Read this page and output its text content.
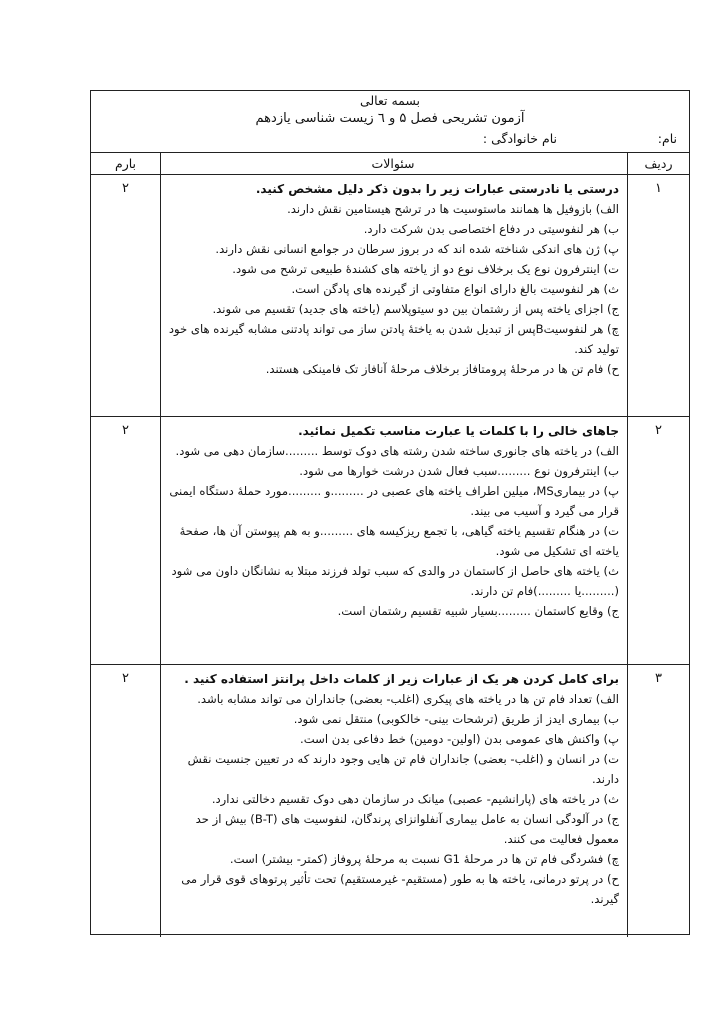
بسمه تعالی
آزمون تشریحی فصل ۵ و ٦ زیست شناسی یازدهم
نام:
نام خانوادگی :
ردیف
سئوالات
بارم
۱
درستی یا نادرستی عبارات زیر را بدون ذکر دلیل مشخص کنید.
الف) بازوفیل ها همانند ماستوسیت ها در ترشح هیستامین نقش دارند.
ب) هر لنفوسیتی در دفاع اختصاصی بدن شرکت دارد.
پ) ژن های اندکی شناخته شده اند که در بروز سرطان در جوامع انسانی نقش دارند.
ت) اینترفرون نوع یک برخلاف نوع دو از یاخته های کشندهٔ طبیعی ترشح می شود.
ث) هر لنفوسیت بالغ دارای انواع متفاوتی از گیرنده های پادگن است.
ج) اجزای یاخته پس از رشتمان بین دو سیتوپلاسم (یاخته های جدید) تقسیم می شوند.
چ) هر لنفوسیتBپس از تبدیل شدن به یاختهٔ پادتن ساز می تواند پادتنی مشابه گیرنده های خود تولید کند.
ح) فام تن ها در مرحلهٔ پرومتافاز برخلاف مرحلهٔ آنافاز تک فامینکی هستند.
۲
۲
جاهای خالی را با کلمات یا عبارت مناسب تکمیل نمائید.
الف) در یاخته های جانوری ساخته شدن رشته های دوک توسط .........سازمان دهی می شود.
ب) اینترفرون نوع .........سبب فعال شدن درشت خوارها می شود.
پ) در بیماریMS، میلین اطراف یاخته های عصبی در .........و .........مورد حملهٔ دستگاه ایمنی قرار می گیرد و آسیب می بیند.
ت) در هنگام تقسیم یاخته گیاهی، با تجمع ریزکیسه های .........و به هم پیوستن آن ها، صفحهٔ یاخته ای تشکیل می شود.
ث) یاخته های حاصل از کاستمان در والدی که سبب تولد فرزند مبتلا به نشانگان داون می شود (.........یا .........)فام تن دارند.
ج) وقایع کاستمان .........بسیار شبیه تقسیم رشتمان است.
۲
۳
برای کامل کردن هر یک از عبارات زیر از کلمات داخل پرانتز استفاده کنید .
الف) تعداد فام تن ها در یاخته های پیکری (اغلب- بعضی) جانداران می تواند مشابه باشد.
ب) بیماری ایدز از طریق (ترشحات بینی- خالکوبی) منتقل نمی شود.
پ) واکنش های عمومی بدن (اولین- دومین) خط دفاعی بدن است.
ت) در انسان و (اغلب- بعضی) جانداران فام تن هایی وجود دارند که در تعیین جنسیت نقش دارند.
ث) در یاخته های (پارانشیم- عصبی) میانک در سازمان دهی دوک تقسیم دخالتی ندارد.
ج) در آلودگی انسان به عامل بیماری آنفلوانزای پرندگان، لنفوسیت های (B-T) بیش از حد معمول فعالیت می کنند.
چ) فشردگی فام تن ها در مرحلهٔ G1 نسبت به مرحلهٔ پروفاز (کمتر- بیشتر) است.
ح) در پرتو درمانی، یاخته ها به طور (مستقیم- غیرمستقیم) تحت تأثیر پرتوهای قوی قرار می گیرند.
۲
